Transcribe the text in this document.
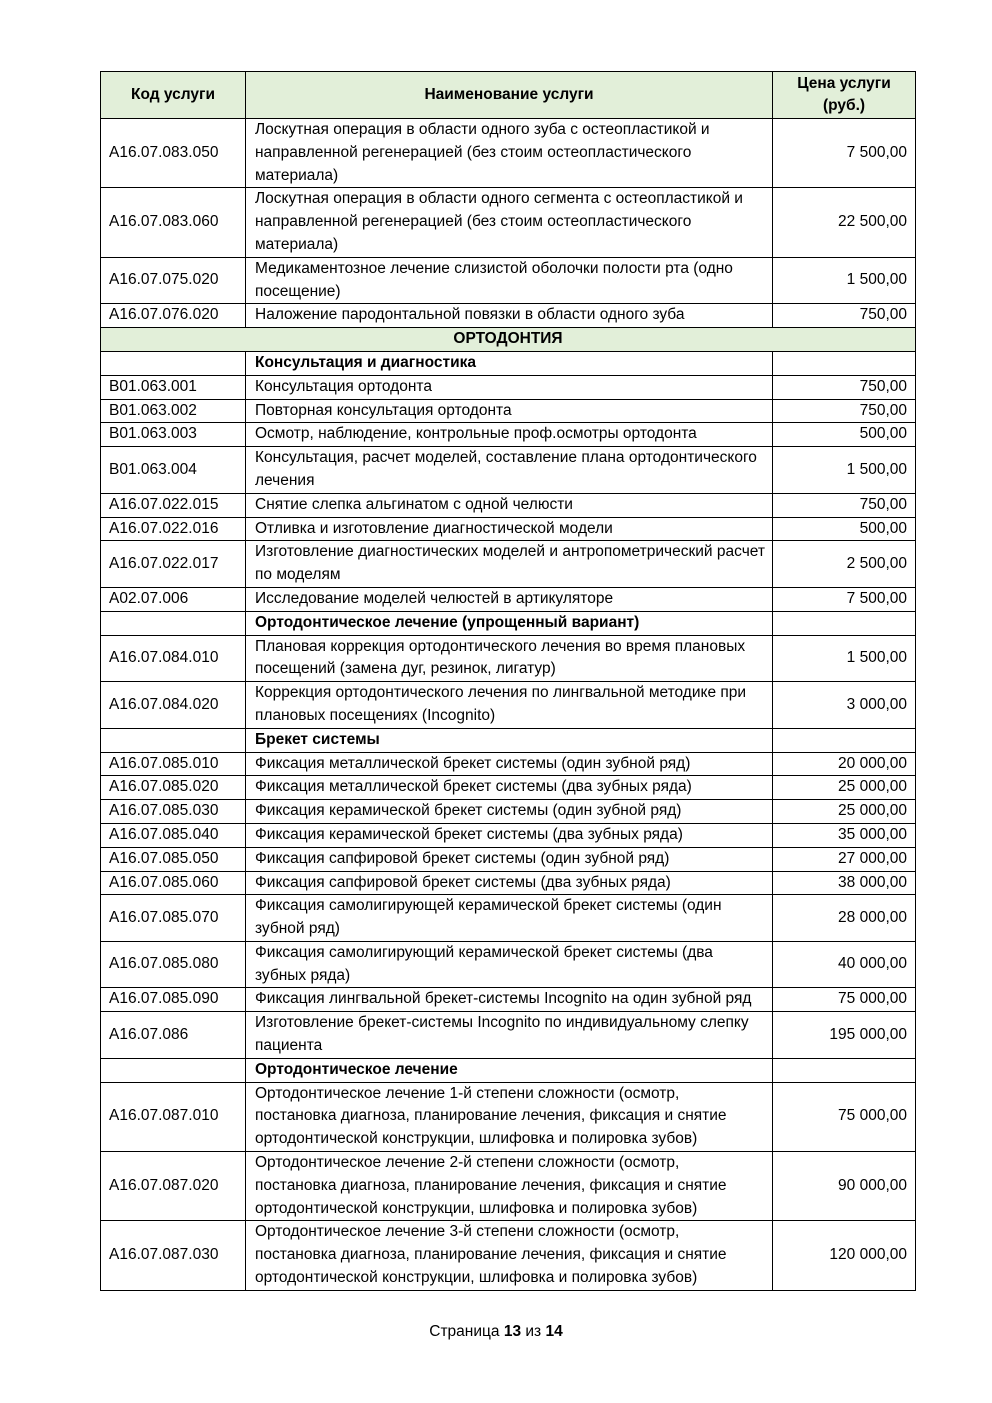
Код услуги	Наименование услуги	Цена услуги (руб.)
А16.07.083.050	Лоскутная операция в области одного зуба с остеопластикой и направленной регенерацией (без стоим остеопластического материала)	7 500,00
А16.07.083.060	Лоскутная операция в области одного сегмента с остеопластикой и направленной регенерацией (без стоим остеопластического материала)	22 500,00
А16.07.075.020	Медикаментозное лечение слизистой оболочки полости рта (одно посещение)	1 500,00
А16.07.076.020	Наложение пародонтальной повязки в области одного зуба	750,00
ОРТОДОНТИЯ		
	Консультация и диагностика	
В01.063.001	Консультация ортодонта	750,00
В01.063.002	Повторная консультация ортодонта	750,00
В01.063.003	Осмотр, наблюдение, контрольные проф.осмотры ортодонта	500,00
В01.063.004	Консультация, расчет моделей, составление плана ортодонтического лечения	1 500,00
А16.07.022.015	Снятие слепка альгинатом с одной челюсти	750,00
А16.07.022.016	Отливка и изготовление диагностической модели	500,00
А16.07.022.017	Изготовление диагностических моделей и антропометрический расчет по моделям	2 500,00
А02.07.006	Исследование моделей челюстей в артикуляторе	7 500,00
	Ортодонтическое лечение (упрощенный вариант)	
А16.07.084.010	Плановая коррекция ортодонтического лечения во время плановых посещений (замена дуг, резинок, лигатур)	1 500,00
А16.07.084.020	Коррекция ортодонтического лечения по лингвальной методике при плановых посещениях (Incognito)	3 000,00
	Брекет системы	
А16.07.085.010	Фиксация металлической брекет системы (один зубной ряд)	20 000,00
А16.07.085.020	Фиксация металлической брекет системы (два зубных ряда)	25 000,00
А16.07.085.030	Фиксация керамической брекет системы (один зубной ряд)	25 000,00
А16.07.085.040	Фиксация керамической брекет системы (два зубных ряда)	35 000,00
А16.07.085.050	Фиксация сапфировой брекет системы (один зубной ряд)	27 000,00
А16.07.085.060	Фиксация сапфировой брекет системы (два зубных ряда)	38 000,00
А16.07.085.070	Фиксация самолигирующей керамической брекет системы (один зубной ряд)	28 000,00
А16.07.085.080	Фиксация самолигирующий керамической брекет системы (два зубных ряда)	40 000,00
А16.07.085.090	Фиксация лингвальной брекет-системы Incognito на один зубной ряд	75 000,00
А16.07.086	Изготовление брекет-системы Incognito по индивидуальному слепку пациента	195 000,00
	Ортодонтическое лечение	
А16.07.087.010	Ортодонтическое лечение 1-й степени сложности (осмотр, постановка диагноза, планирование лечения, фиксация и снятие ортодонтической конструкции, шлифовка и полировка зубов)	75 000,00
А16.07.087.020	Ортодонтическое лечение 2-й степени сложности (осмотр, постановка диагноза, планирование лечения, фиксация и снятие ортодонтической конструкции, шлифовка и полировка зубов)	90 000,00
А16.07.087.030	Ортодонтическое лечение 3-й степени сложности (осмотр, постановка диагноза, планирование лечения, фиксация и снятие ортодонтической конструкции, шлифовка и полировка зубов)	120 000,00
Страница 13 из 14
